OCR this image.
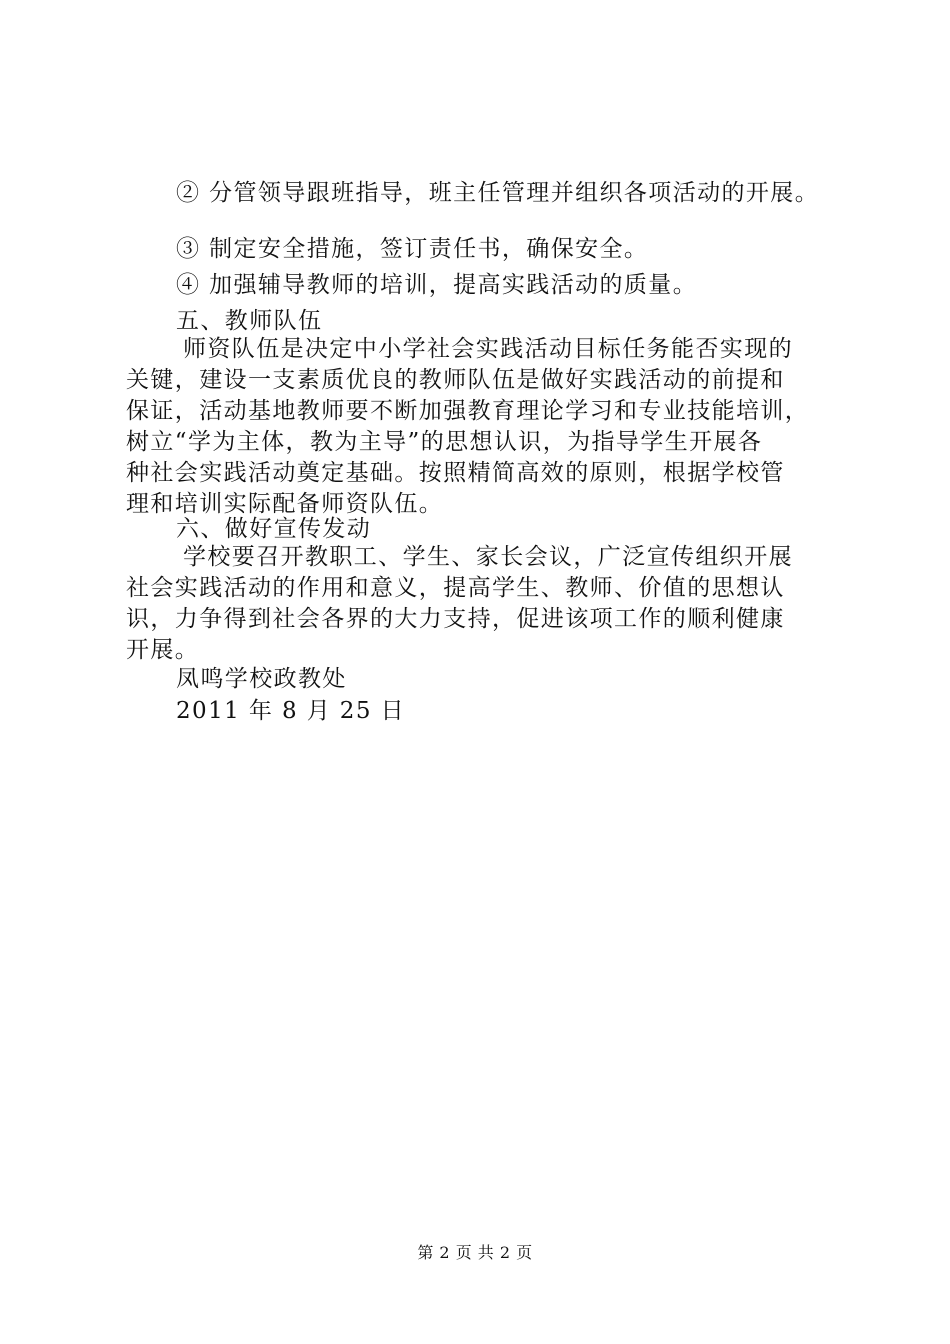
② 分管领导跟班指导，班主任管理并组织各项活动的开展。
③ 制定安全措施，签订责任书，确保安全。
④ 加强辅导教师的培训，提高实践活动的质量。
五、教师队伍
师资队伍是决定中小学社会实践活动目标任务能否实现的
关键，建设一支素质优良的教师队伍是做好实践活动的前提和
保证，活动基地教师要不断加强教育理论学习和专业技能培训，
树立“学为主体，教为主导”的思想认识，为指导学生开展各
种社会实践活动奠定基础。按照精简高效的原则，根据学校管
理和培训实际配备师资队伍。
六、做好宣传发动
学校要召开教职工、学生、家长会议，广泛宣传组织开展
社会实践活动的作用和意义，提高学生、教师、价值的思想认
识，力争得到社会各界的大力支持，促进该项工作的顺利健康
开展。
凤鸣学校政教处
2011 年 8 月 25 日
第 2 页 共 2 页
